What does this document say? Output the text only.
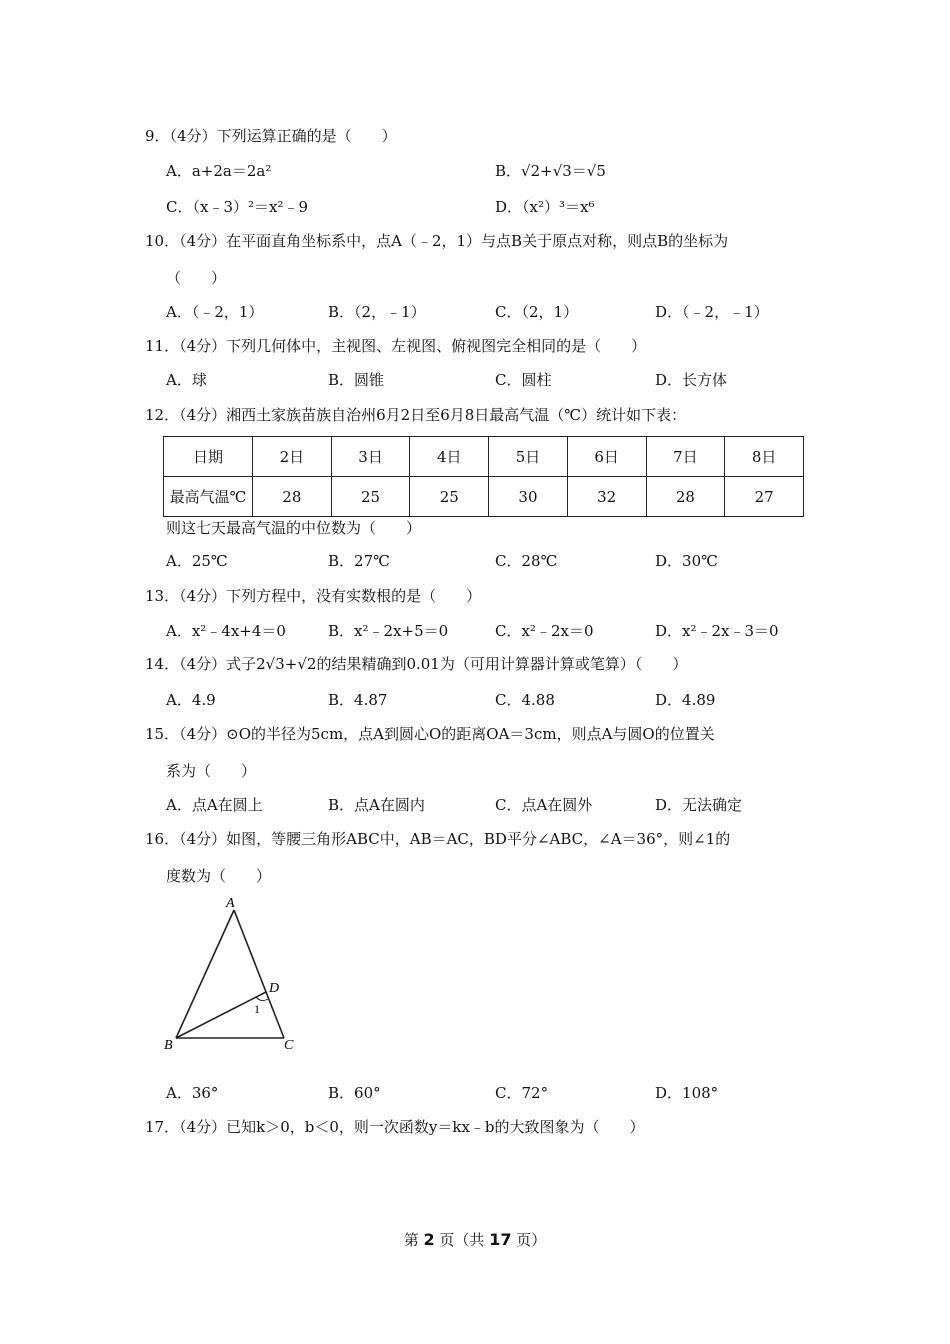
9．（4分）下列运算正确的是（　　）
A．a+2a＝2a²	B．√2+√3＝√5
C．（x﹣3）²＝x²﹣9	D．（x²）³＝x⁶
10．（4分）在平面直角坐标系中，点A（﹣2，1）与点B关于原点对称，则点B的坐标为
（　　）
A．（﹣2，1）	B．（2，﹣1）	C．（2，1）	D．（﹣2，﹣1）
11．（4分）下列几何体中，主视图、左视图、俯视图完全相同的是（　　）
A．球	B．圆锥	C．圆柱	D．长方体
12．（4分）湘西土家族苗族自治州6月2日至6月8日最高气温（℃）统计如下表：
日期	2日	3日	4日	5日	6日	7日	8日
最高气温℃	28	25	25	30	32	28	27
则这七天最高气温的中位数为（　　）
A．25℃	B．27℃	C．28℃	D．30℃
13．（4分）下列方程中，没有实数根的是（　　）
A．x²﹣4x+4＝0	B．x²﹣2x+5＝0	C．x²﹣2x＝0	D．x²﹣2x﹣3＝0
14．（4分）式子2√3+√2的结果精确到0.01为（可用计算器计算或笔算）（　　）
A．4.9	B．4.87	C．4.88	D．4.89
15．（4分）⊙O的半径为5cm，点A到圆心O的距离OA＝3cm，则点A与圆O的位置关
系为（　　）
A．点A在圆上	B．点A在圆内	C．点A在圆外	D．无法确定
16．（4分）如图，等腰三角形ABC中，AB＝AC，BD平分∠ABC，∠A＝36°，则∠1的
度数为（　　）
A
B	C
D
1
A．36°	B．60°	C．72°	D．108°
17．（4分）已知k＞0，b＜0，则一次函数y＝kx﹣b的大致图象为（　　）
第 2 页（共 17 页）
